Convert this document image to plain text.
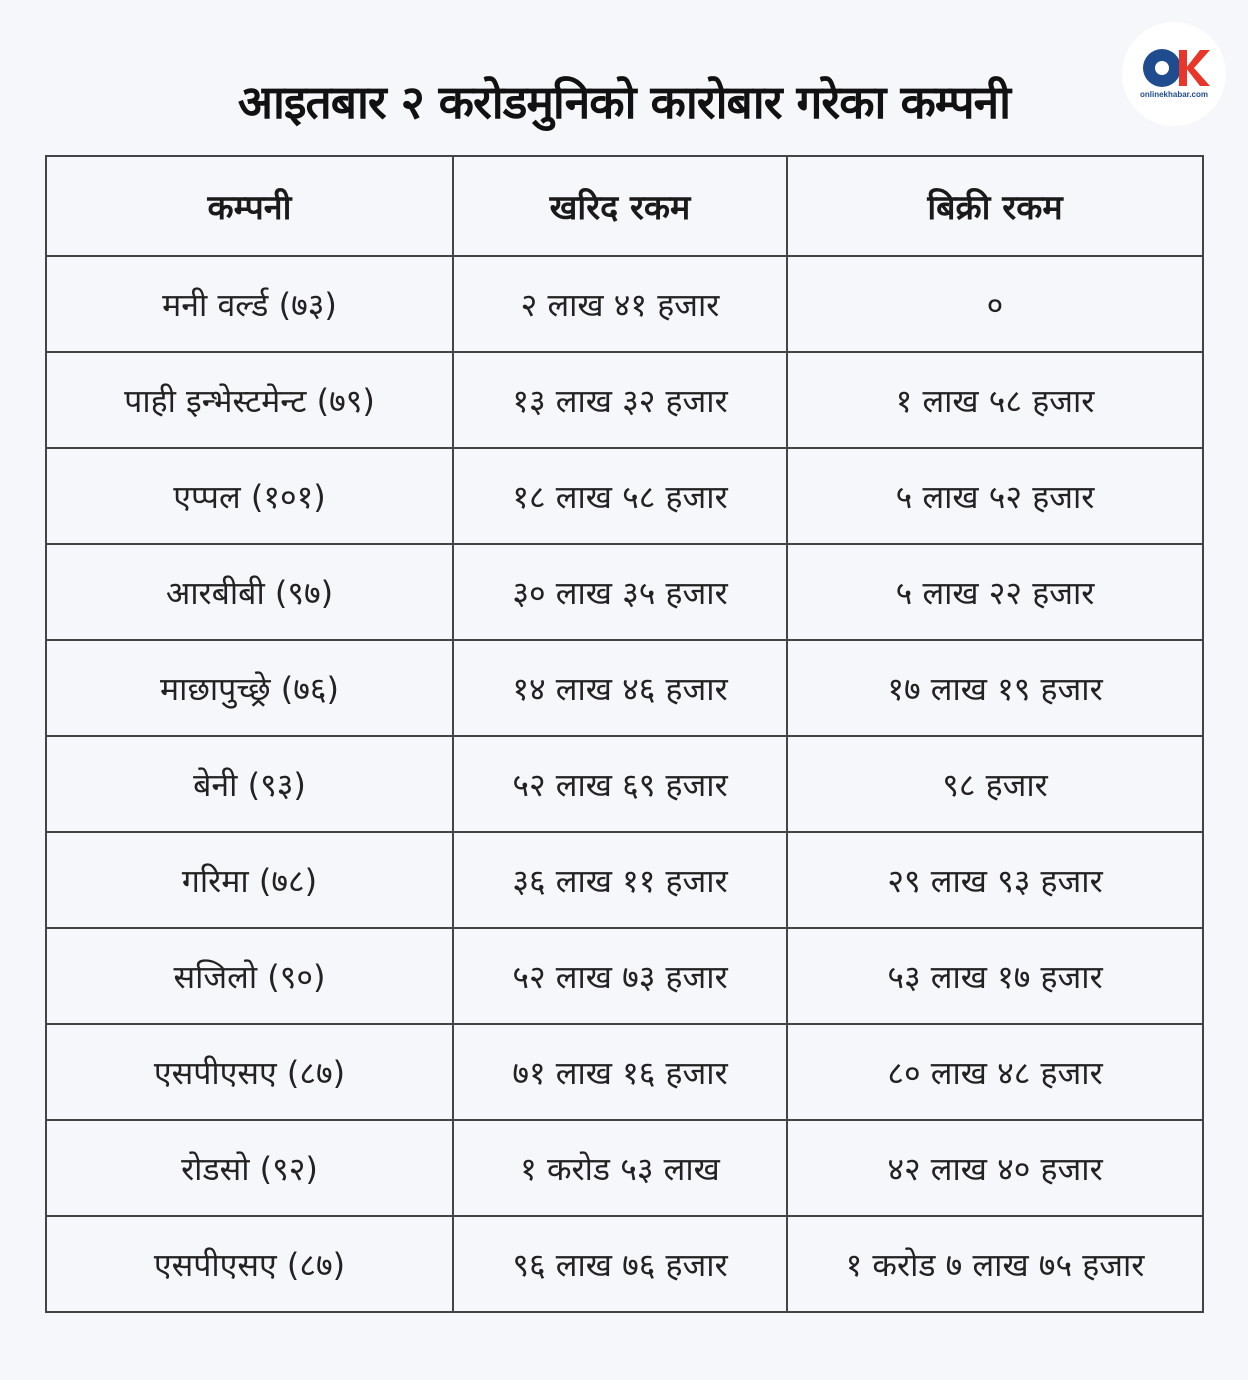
आइतबार २ करोडमुनिको कारोबार गरेका कम्पनी	onlinekhabar.com
कम्पनी	खरिद रकम	बिक्री रकम
मनी वर्ल्ड (७३)	२ लाख ४१ हजार	०
पाही इन्भेस्टमेन्ट (७९)	१३ लाख ३२ हजार	१ लाख ५८ हजार
एप्पल (१०१)	१८ लाख ५८ हजार	५ लाख ५२ हजार
आरबीबी (९७)	३० लाख ३५ हजार	५ लाख २२ हजार
माछापुच्छ्रे (७६)	१४ लाख ४६ हजार	१७ लाख १९ हजार
बेनी (९३)	५२ लाख ६९ हजार	९८ हजार
गरिमा (७८)	३६ लाख ११ हजार	२९ लाख ९३ हजार
सजिलो (९०)	५२ लाख ७३ हजार	५३ लाख १७ हजार
एसपीएसए (८७)	७१ लाख १६ हजार	८० लाख ४८ हजार
रोडसो (९२)	१ करोड ५३ लाख	४२ लाख ४० हजार
एसपीएसए (८७)	९६ लाख ७६ हजार	१ करोड ७ लाख ७५ हजार
